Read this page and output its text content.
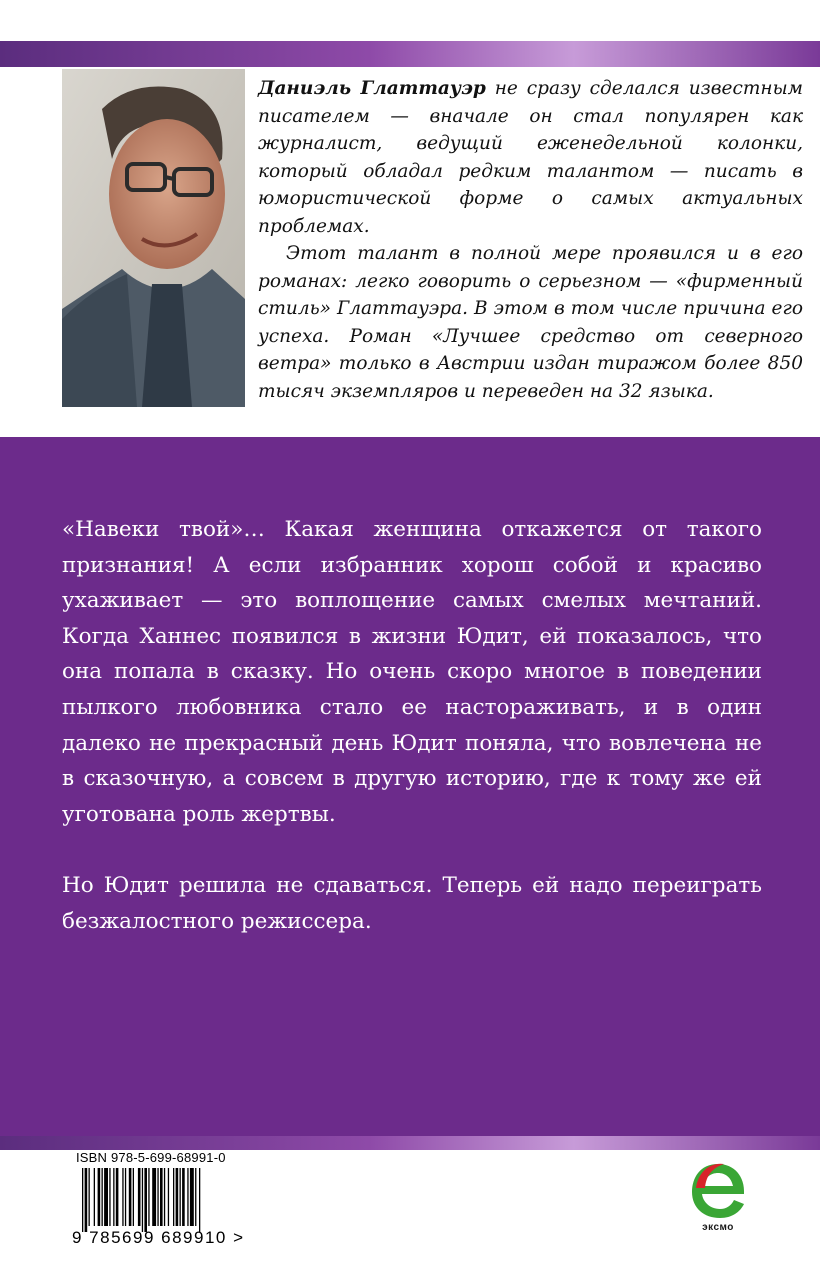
Даниэль Глаттауэр не сразу сделался известным писателем — вначале он стал популярен как журналист, ведущий еженедельной колонки, который обладал редким талантом — писать в юмористической форме о самых актуальных проблемах.

Этот талант в полной мере проявился и в его романах: легко говорить о серьезном — «фирменный стиль» Глаттауэра. В этом в том числе причина его успеха. Роман «Лучшее средство от северного ветра» только в Австрии издан тиражом более 850 тысяч экземпляров и переведен на 32 языка.

«Навеки твой»… Какая женщина откажется от такого признания! А если избранник хорош собой и красиво ухаживает — это воплощение самых смелых мечтаний. Когда Ханнес появился в жизни Юдит, ей показалось, что она попала в сказку. Но очень скоро многое в поведении пылкого любовника стало ее настораживать, и в один далеко не прекрасный день Юдит поняла, что вовлечена не в сказочную, а совсем в другую историю, где к тому же ей уготована роль жертвы.

Но Юдит решила не сдаваться. Теперь ей надо переиграть безжалостного режиссера.

ISBN 978-5-699-68991-0
9 785699 689910 >
эксмо
